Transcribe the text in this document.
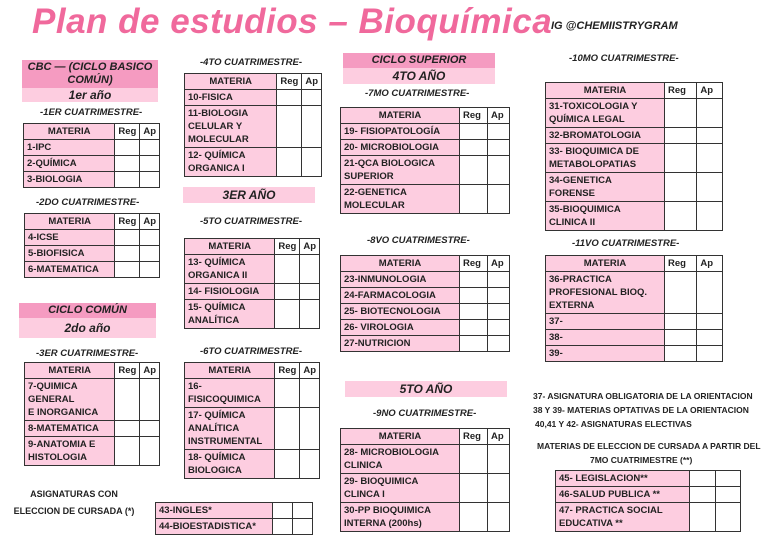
Plan de estudios – Bioquímica
IG @CHEMIISTRYGRAM
CBC — (CICLO BASICO COMÚN)
1er año
CICLO COMÚN
2do año
CICLO SUPERIOR
4TO AÑO
3ER AÑO
5TO AÑO
-1ER CUATRIMESTRE-
MATERIA	Reg	Ap
1-IPC		
2-QUÍMICA		
3-BIOLOGIA		
-2DO CUATRIMESTRE-
MATERIA	Reg	Ap
4-ICSE		
5-BIOFISICA		
6-MATEMATICA		
-3ER CUATRIMESTRE-
MATERIA	Reg	Ap
7-QUIMICA
GENERAL
E INORGANICA		
8-MATEMATICA		
9-ANATOMIA E
HISTOLOGIA		
-4TO CUATRIMESTRE-
MATERIA	Reg	Ap
10-FISICA		
11-BIOLOGIA
CELULAR Y
MOLECULAR		
12- QUÍMICA
ORGANICA I		
-5TO CUATRIMESTRE-
MATERIA	Reg	Ap
13- QUÍMICA
ORGANICA II		
14- FISIOLOGIA		
15- QUÍMICA
ANALÍTICA		
-6TO CUATRIMESTRE-
MATERIA	Reg	Ap
16-
FISICOQUIMICA		
17- QUÍMICA
ANALÍTICA
INSTRUMENTAL		
18- QUÍMICA
BIOLOGICA		
-7MO CUATRIMESTRE-
MATERIA	Reg	Ap
19- FISIOPATOLOGÍA		
20- MICROBIOLOGIA		
21-QCA BIOLOGICA
SUPERIOR		
22-GENETICA
MOLECULAR		
-8VO CUATRIMESTRE-
MATERIA	Reg	Ap
23-INMUNOLOGIA		
24-FARMACOLOGIA		
25- BIOTECNOLOGIA		
26- VIROLOGIA		
27-NUTRICION		
-9NO CUATRIMESTRE-
MATERIA	Reg	Ap
28- MICROBIOLOGIA
CLINICA		
29- BIOQUIMICA
CLINCA I		
30-PP BIOQUIMICA
INTERNA (200hs)		
-10MO CUATRIMESTRE-
MATERIA	Reg	Ap
31-TOXICOLOGIA Y
QUÍMICA LEGAL		
32-BROMATOLOGIA		
33- BIOQUIMICA DE
METABOLOPATIAS		
34-GENETICA
FORENSE		
35-BIOQUIMICA
CLINICA II		
-11VO CUATRIMESTRE-
MATERIA	Reg	Ap
36-PRACTICA
PROFESIONAL BIOQ.
EXTERNA		
37-

38-

39-

ASIGNATURAS CON
ELECCION DE CURSADA (*)	43-INGLES*		
44-BIOESTADISTICA*		
37- ASIGNATURA OBLIGATORIA DE LA ORIENTACION
38 Y 39- MATERIAS OPTATIVAS DE LA ORIENTACION
40,41 Y 42- ASIGNATURAS ELECTIVAS
MATERIAS DE ELECCION DE CURSADA A PARTIR DEL
7MO CUATRIMESTRE (**)
45- LEGISLACION**		
46-SALUD PUBLICA **		
47- PRACTICA SOCIAL
EDUCATIVA **		
